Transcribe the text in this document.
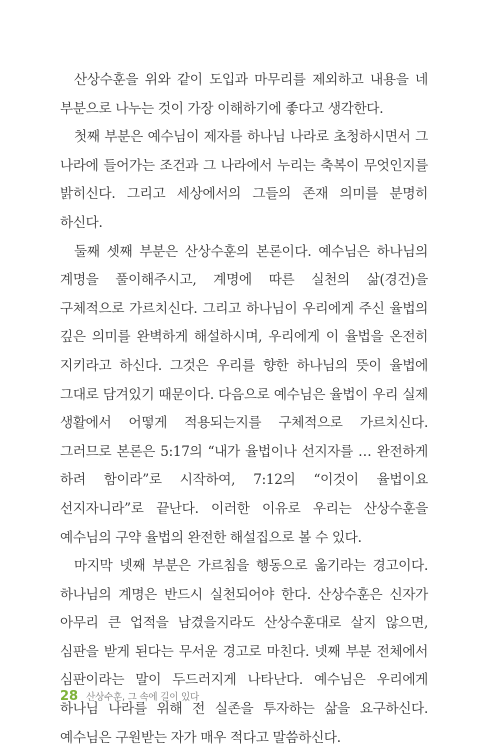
산상수훈을 위와 같이 도입과 마무리를 제외하고 내용을 네 부분으로 나누는 것이 가장 이해하기에 좋다고 생각한다.

첫째 부분은 예수님이 제자를 하나님 나라로 초청하시면서 그 나라에 들어가는 조건과 그 나라에서 누리는 축복이 무엇인지를 밝히신다. 그리고 세상에서의 그들의 존재 의미를 분명히 하신다.

둘째 셋째 부분은 산상수훈의 본론이다. 예수님은 하나님의 계명을 풀이해주시고, 계명에 따른 실천의 삶(경건)을 구체적으로 가르치신다. 그리고 하나님이 우리에게 주신 율법의 깊은 의미를 완벽하게 해설하시며, 우리에게 이 율법을 온전히 지키라고 하신다. 그것은 우리를 향한 하나님의 뜻이 율법에 그대로 담겨있기 때문이다. 다음으로 예수님은 율법이 우리 실제 생활에서 어떻게 적용되는지를 구체적으로 가르치신다. 그러므로 본론은 5:17의 “내가 율법이나 선지자를 … 완전하게 하려 함이라”로 시작하여, 7:12의 “이것이 율법이요 선지자니라”로 끝난다. 이러한 이유로 우리는 산상수훈을 예수님의 구약 율법의 완전한 해설집으로 볼 수 있다.

마지막 넷째 부분은 가르침을 행동으로 옮기라는 경고이다. 하나님의 계명은 반드시 실천되어야 한다. 산상수훈은 신자가 아무리 큰 업적을 남겼을지라도 산상수훈대로 살지 않으면, 심판을 받게 된다는 무서운 경고로 마친다. 넷째 부분 전체에서 심판이라는 말이 두드러지게 나타난다. 예수님은 우리에게 하나님 나라를 위해 전 실존을 투자하는 삶을 요구하신다. 예수님은 구원받는 자가 매우 적다고 말씀하신다.

28 산상수훈, 그 속에 길이 있다
